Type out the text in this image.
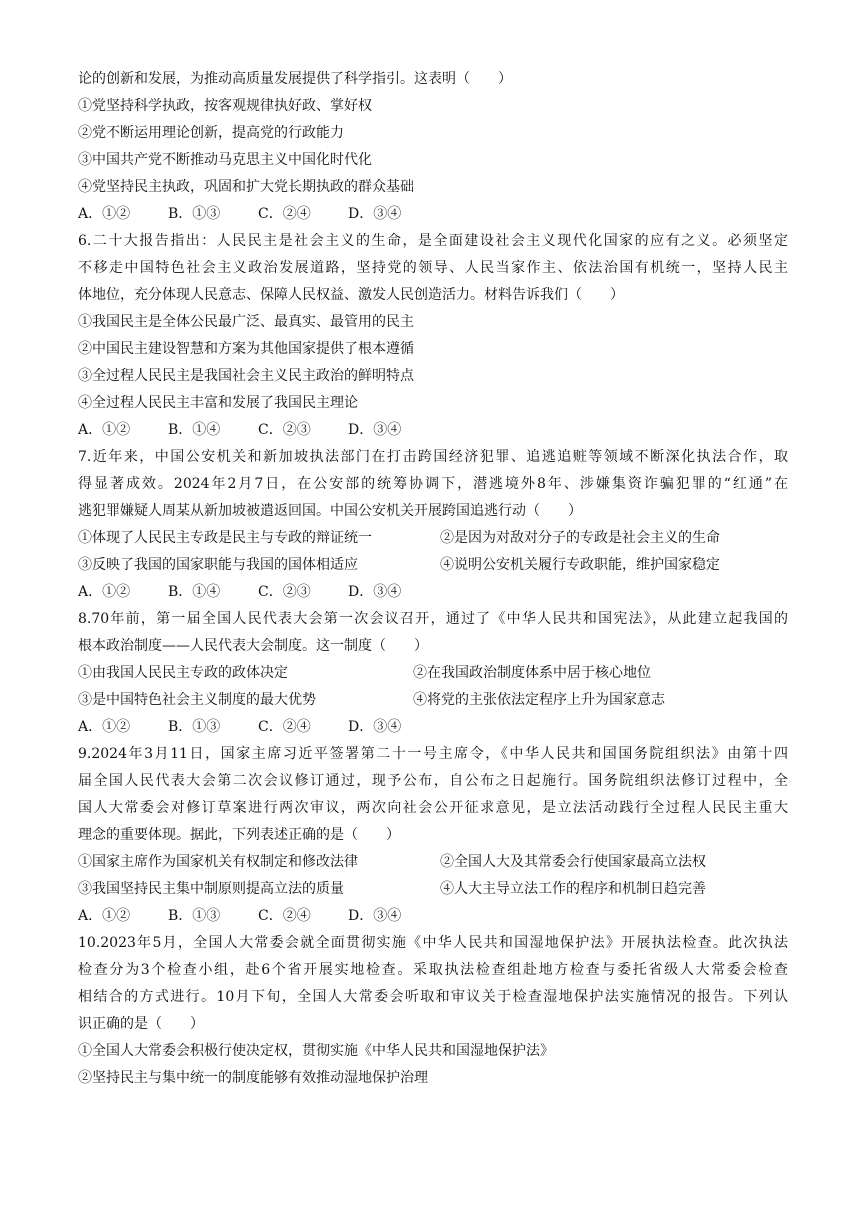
论的创新和发展，为推动高质量发展提供了科学指引。这表明（　　）
①党坚持科学执政，按客观规律执好政、掌好权
②党不断运用理论创新，提高党的行政能力
③中国共产党不断推动马克思主义中国化时代化
④党坚持民主执政，巩固和扩大党长期执政的群众基础
A．①②	B．①③	C．②④	D．③④
6.二十大报告指出：人民民主是社会主义的生命，是全面建设社会主义现代化国家的应有之义。必须坚定
不移走中国特色社会主义政治发展道路，坚持党的领导、人民当家作主、依法治国有机统一，坚持人民主
体地位，充分体现人民意志、保障人民权益、激发人民创造活力。材料告诉我们（　　）
①我国民主是全体公民最广泛、最真实、最管用的民主
②中国民主建设智慧和方案为其他国家提供了根本遵循
③全过程人民民主是我国社会主义民主政治的鲜明特点
④全过程人民民主丰富和发展了我国民主理论
A．①②	B．①④	C．②③	D．③④
7.近年来，中国公安机关和新加坡执法部门在打击跨国经济犯罪、追逃追赃等领域不断深化执法合作，取
得显著成效。2024年2月7日，在公安部的统筹协调下，潜逃境外8年、涉嫌集资诈骗犯罪的“红通”在
逃犯罪嫌疑人周某从新加坡被遣返回国。中国公安机关开展跨国追逃行动（　　）
①体现了人民民主专政是民主与专政的辩证统一	②是因为对敌对分子的专政是社会主义的生命
③反映了我国的国家职能与我国的国体相适应	④说明公安机关履行专政职能，维护国家稳定
A．①②	B．①④	C．②③	D．③④
8.70年前，第一届全国人民代表大会第一次会议召开，通过了《中华人民共和国宪法》，从此建立起我国的
根本政治制度——人民代表大会制度。这一制度（　　）
①由我国人民民主专政的政体决定	②在我国政治制度体系中居于核心地位
③是中国特色社会主义制度的最大优势	④将党的主张依法定程序上升为国家意志
A．①②	B．①③	C．②④	D．③④
9.2024年3月11日，国家主席习近平签署第二十一号主席令，《中华人民共和国国务院组织法》由第十四
届全国人民代表大会第二次会议修订通过，现予公布，自公布之日起施行。国务院组织法修订过程中，全
国人大常委会对修订草案进行两次审议，两次向社会公开征求意见，是立法活动践行全过程人民民主重大
理念的重要体现。据此，下列表述正确的是（　　）
①国家主席作为国家机关有权制定和修改法律	②全国人大及其常委会行使国家最高立法权
③我国坚持民主集中制原则提高立法的质量	④人大主导立法工作的程序和机制日趋完善
A．①②	B．①③	C．②④	D．③④
10.2023年5月，全国人大常委会就全面贯彻实施《中华人民共和国湿地保护法》开展执法检查。此次执法
检查分为3个检查小组，赴6个省开展实地检查。采取执法检查组赴地方检查与委托省级人大常委会检查
相结合的方式进行。10月下旬，全国人大常委会听取和审议关于检查湿地保护法实施情况的报告。下列认
识正确的是（　　）
①全国人大常委会积极行使决定权，贯彻实施《中华人民共和国湿地保护法》
②坚持民主与集中统一的制度能够有效推动湿地保护治理
